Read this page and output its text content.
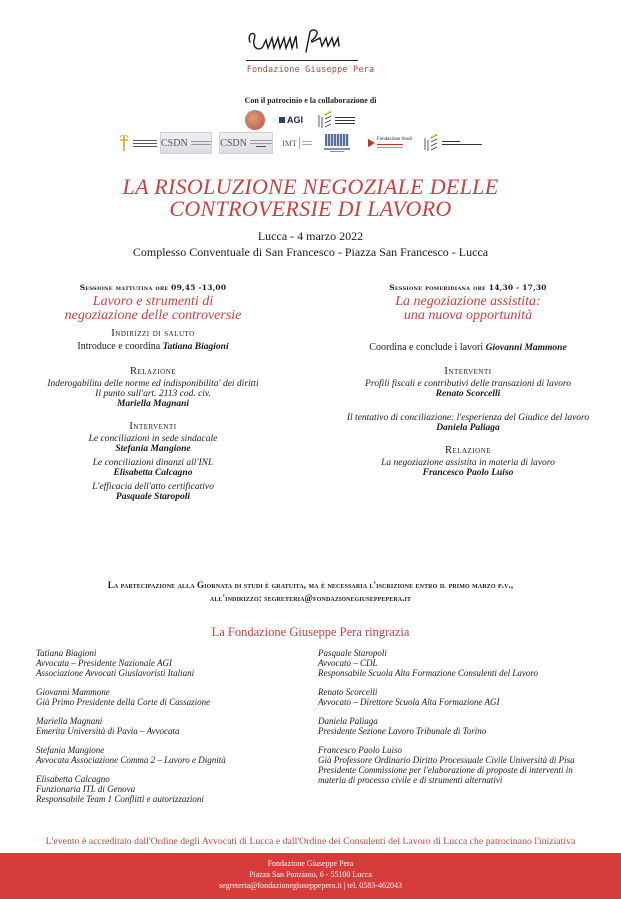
Fondazione Giuseppe Pera
Con il patrocinio e la collaborazione di
AGI
CSDN	CSDN	IMT	Fondazione Studi
LA RISOLUZIONE NEGOZIALE DELLE
CONTROVERSIE DI LAVORO
Lucca - 4 marzo 2022
Complesso Conventuale di San Francesco - Piazza San Francesco - Lucca
Sessione mattutina ore 09,45 -13,00
Lavoro e strumenti di
negoziazione delle controversie
Indirizzi di saluto
Introduce e coordina Tatiana Biagioni
Relazione
Inderogabilita delle norme ed indisponibilita' dei diritti
Il punto sull'art. 2113 cod. civ.
Mariella Magnani
Interventi
Le conciliazioni in sede sindacale
Stefania Mangione
Le conciliazioni dinanzi all'INL
Elisabetta Calcagno
L'efficacia dell'atto certificativo
Pasquale Staropoli
Sessione pomeridiana ore 14,30 - 17,30
La negoziazione assistita:
una nuova opportunità
Coordina e conclude i lavori Giovanni Mammone
Interventi
Profili fiscali e contributivi delle transazioni di lavoro
Renato Scorcelli
Il tentativo di conciliazione: l'esperienza del Giudice del lavoro
Daniela Paliaga
Relazione
La negoziazione assistita in materia di lavoro
Francesco Paolo Luiso
La partecipazione alla Giornata di studi è gratuita, ma è necessaria l'iscrizione entro il primo marzo p.v.,
all'indirizzo: segreteria@fondazionegiuseppepera.it
La Fondazione Giuseppe Pera ringrazia
Tatiana Biagioni
Avvocata – Presidente Nazionale AGI
Associazione Avvocati Giuslavoristi Italiani
Giovanni Mammone
Già Primo Presidente della Corte di Cassazione
Mariella Magnani
Emerita Università di Pavia – Avvocata
Stefania Mangione
Avvocata Associazione Comma 2 – Lavoro e Dignità
Elisabetta Calcagno
Funzionaria ITL di Genova
Responsabile Team 1 Conflitti e autorizzazioni
Pasquale Staropoli
Avvocato – CDL
Responsabile Scuola Alta Formazione Consulenti del Lavoro
Renato Scorcelli
Avvocato – Direttore Scuola Alta Formazione AGI
Daniela Paliaga
Presidente Sezione Lavoro Tribunale di Torino
Francesco Paolo Luiso
Già Professore Ordinario Diritto Processuale Civile Università di Pisa
Presidente Commissione per l'elaborazione di proposte di interventi in
materia di processo civile e di strumenti alternativi
L'evento è accreditato dall'Ordine degli Avvocati di Lucca e dall'Ordine dei Consulenti del Lavoro di Lucca che patrocinano l'iniziativa
Fondazione Giuseppe Pera
Piazza San Ponziano, 6 - 55100 Lucca
segreteria@fondazionegiuseppepera.it | tel. 0583-462043
